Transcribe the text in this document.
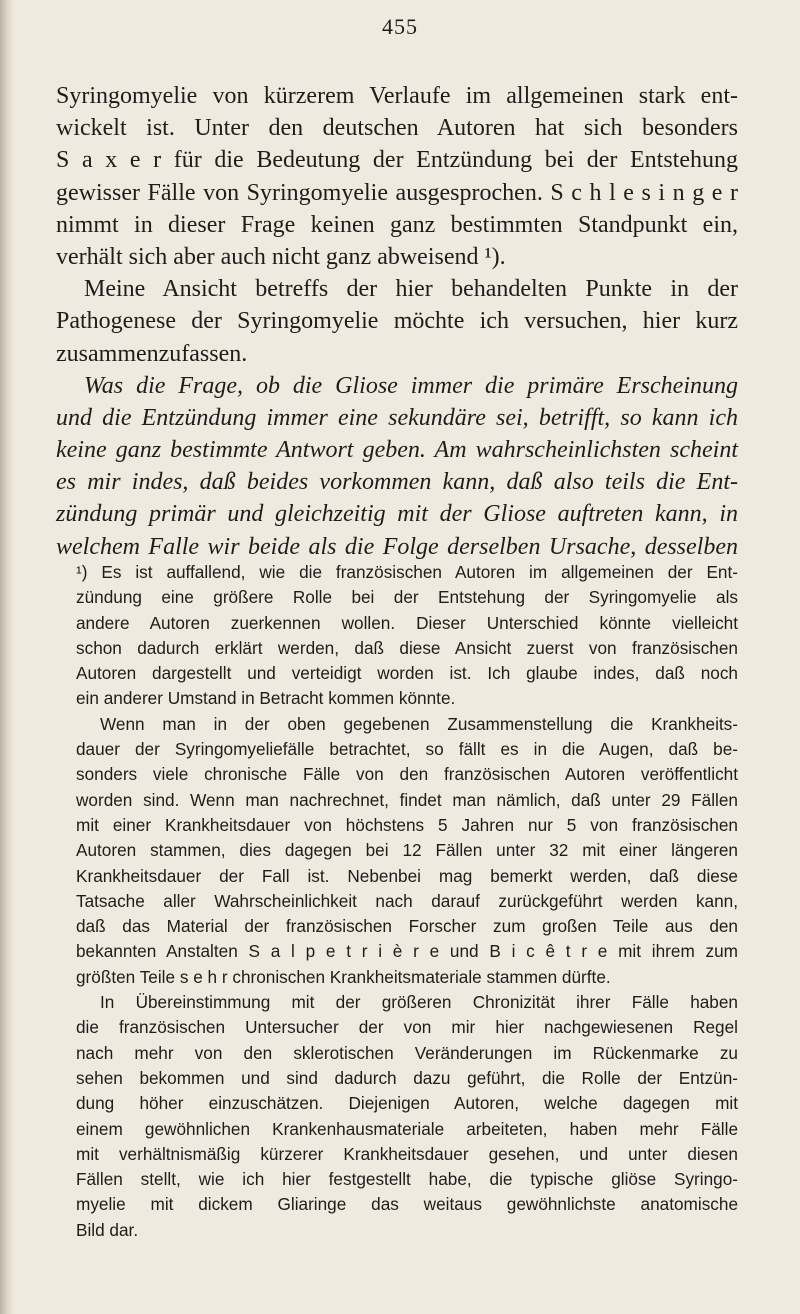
455
Syringomyelie von kürzerem Verlaufe im allgemeinen stark ent-
wickelt ist. Unter den deutschen Autoren hat sich besonders
S a x e r für die Bedeutung der Entzündung bei der Entstehung
gewisser Fälle von Syringomyelie ausgesprochen. S c h l e s i n g e r
nimmt in dieser Frage keinen ganz bestimmten Standpunkt ein,
verhält sich aber auch nicht ganz abweisend ¹).
Meine Ansicht betreffs der hier behandelten Punkte in der
Pathogenese der Syringomyelie möchte ich versuchen, hier kurz
zusammenzufassen.
Was die Frage, ob die Gliose immer die primäre Erscheinung
und die Entzündung immer eine sekundäre sei, betrifft, so kann ich
keine ganz bestimmte Antwort geben. Am wahrscheinlichsten scheint
es mir indes, daß beides vorkommen kann, daß also teils die Ent-
zündung primär und gleichzeitig mit der Gliose auftreten kann, in
welchem Falle wir beide als die Folge derselben Ursache, desselben
¹) Es ist auffallend, wie die französischen Autoren im allgemeinen der Ent-
zündung eine größere Rolle bei der Entstehung der Syringomyelie als
andere Autoren zuerkennen wollen. Dieser Unterschied könnte vielleicht
schon dadurch erklärt werden, daß diese Ansicht zuerst von französischen
Autoren dargestellt und verteidigt worden ist. Ich glaube indes, daß noch
ein anderer Umstand in Betracht kommen könnte.
Wenn man in der oben gegebenen Zusammenstellung die Krankheits-
dauer der Syringomyeliefälle betrachtet, so fällt es in die Augen, daß be-
sonders viele chronische Fälle von den französischen Autoren veröffentlicht
worden sind. Wenn man nachrechnet, findet man nämlich, daß unter 29 Fällen
mit einer Krankheitsdauer von höchstens 5 Jahren nur 5 von französischen
Autoren stammen, dies dagegen bei 12 Fällen unter 32 mit einer längeren
Krankheitsdauer der Fall ist. Nebenbei mag bemerkt werden, daß diese
Tatsache aller Wahrscheinlichkeit nach darauf zurückgeführt werden kann,
daß das Material der französischen Forscher zum großen Teile aus den
bekannten Anstalten S a l p e t r i è r e und B i c ê t r e mit ihrem zum
größten Teile s e h r chronischen Krankheitsmateriale stammen dürfte.
In Übereinstimmung mit der größeren Chronizität ihrer Fälle haben
die französischen Untersucher der von mir hier nachgewiesenen Regel
nach mehr von den sklerotischen Veränderungen im Rückenmarke zu
sehen bekommen und sind dadurch dazu geführt, die Rolle der Entzün-
dung höher einzuschätzen. Diejenigen Autoren, welche dagegen mit
einem gewöhnlichen Krankenhausmateriale arbeiteten, haben mehr Fälle
mit verhältnismäßig kürzerer Krankheitsdauer gesehen, und unter diesen
Fällen stellt, wie ich hier festgestellt habe, die typische gliöse Syringo-
myelie mit dickem Gliaringe das weitaus gewöhnlichste anatomische
Bild dar.
